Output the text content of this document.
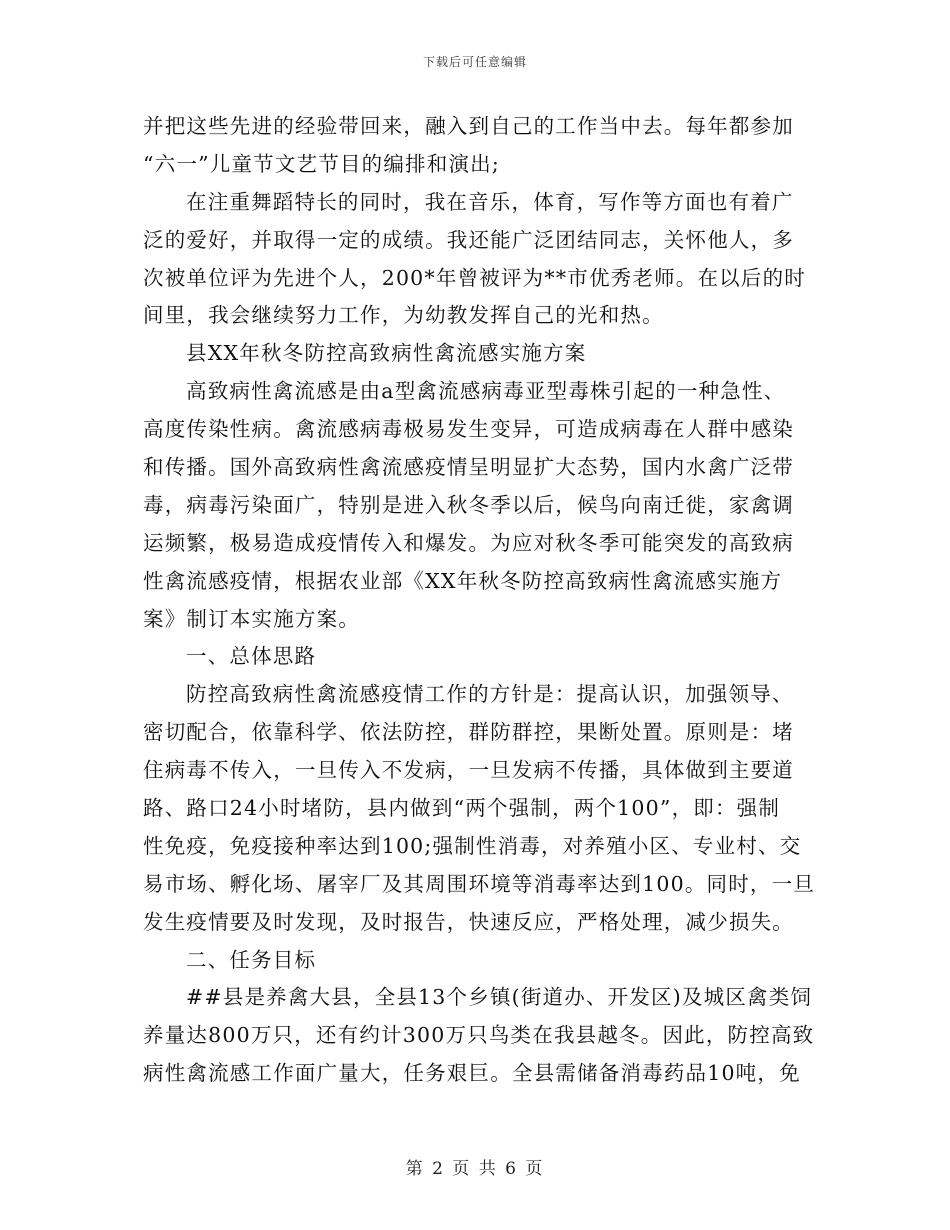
下载后可任意编辑
并把这些先进的经验带回来，融入到自己的工作当中去。每年都参加
“六一”儿童节文艺节目的编排和演出;
在注重舞蹈特长的同时，我在音乐，体育，写作等方面也有着广
泛的爱好，并取得一定的成绩。我还能广泛团结同志，关怀他人，多
次被单位评为先进个人，200*年曾被评为**市优秀老师。在以后的时
间里，我会继续努力工作，为幼教发挥自己的光和热。
县XX年秋冬防控高致病性禽流感实施方案
高致病性禽流感是由a型禽流感病毒亚型毒株引起的一种急性、
高度传染性病。禽流感病毒极易发生变异，可造成病毒在人群中感染
和传播。国外高致病性禽流感疫情呈明显扩大态势，国内水禽广泛带
毒，病毒污染面广，特别是进入秋冬季以后，候鸟向南迁徙，家禽调
运频繁，极易造成疫情传入和爆发。为应对秋冬季可能突发的高致病
性禽流感疫情，根据农业部《XX年秋冬防控高致病性禽流感实施方
案》制订本实施方案。
一、总体思路
防控高致病性禽流感疫情工作的方针是：提高认识，加强领导、
密切配合，依靠科学、依法防控，群防群控，果断处置。原则是：堵
住病毒不传入，一旦传入不发病，一旦发病不传播，具体做到主要道
路、路口24小时堵防，县内做到“两个强制，两个100”，即：强制
性免疫，免疫接种率达到100;强制性消毒，对养殖小区、专业村、交
易市场、孵化场、屠宰厂及其周围环境等消毒率达到100。同时，一旦
发生疫情要及时发现，及时报告，快速反应，严格处理，减少损失。
二、任务目标
##县是养禽大县，全县13个乡镇(街道办、开发区)及城区禽类饲
养量达800万只，还有约计300万只鸟类在我县越冬。因此，防控高致
病性禽流感工作面广量大，任务艰巨。全县需储备消毒药品10吨，免
第 2 页 共 6 页
